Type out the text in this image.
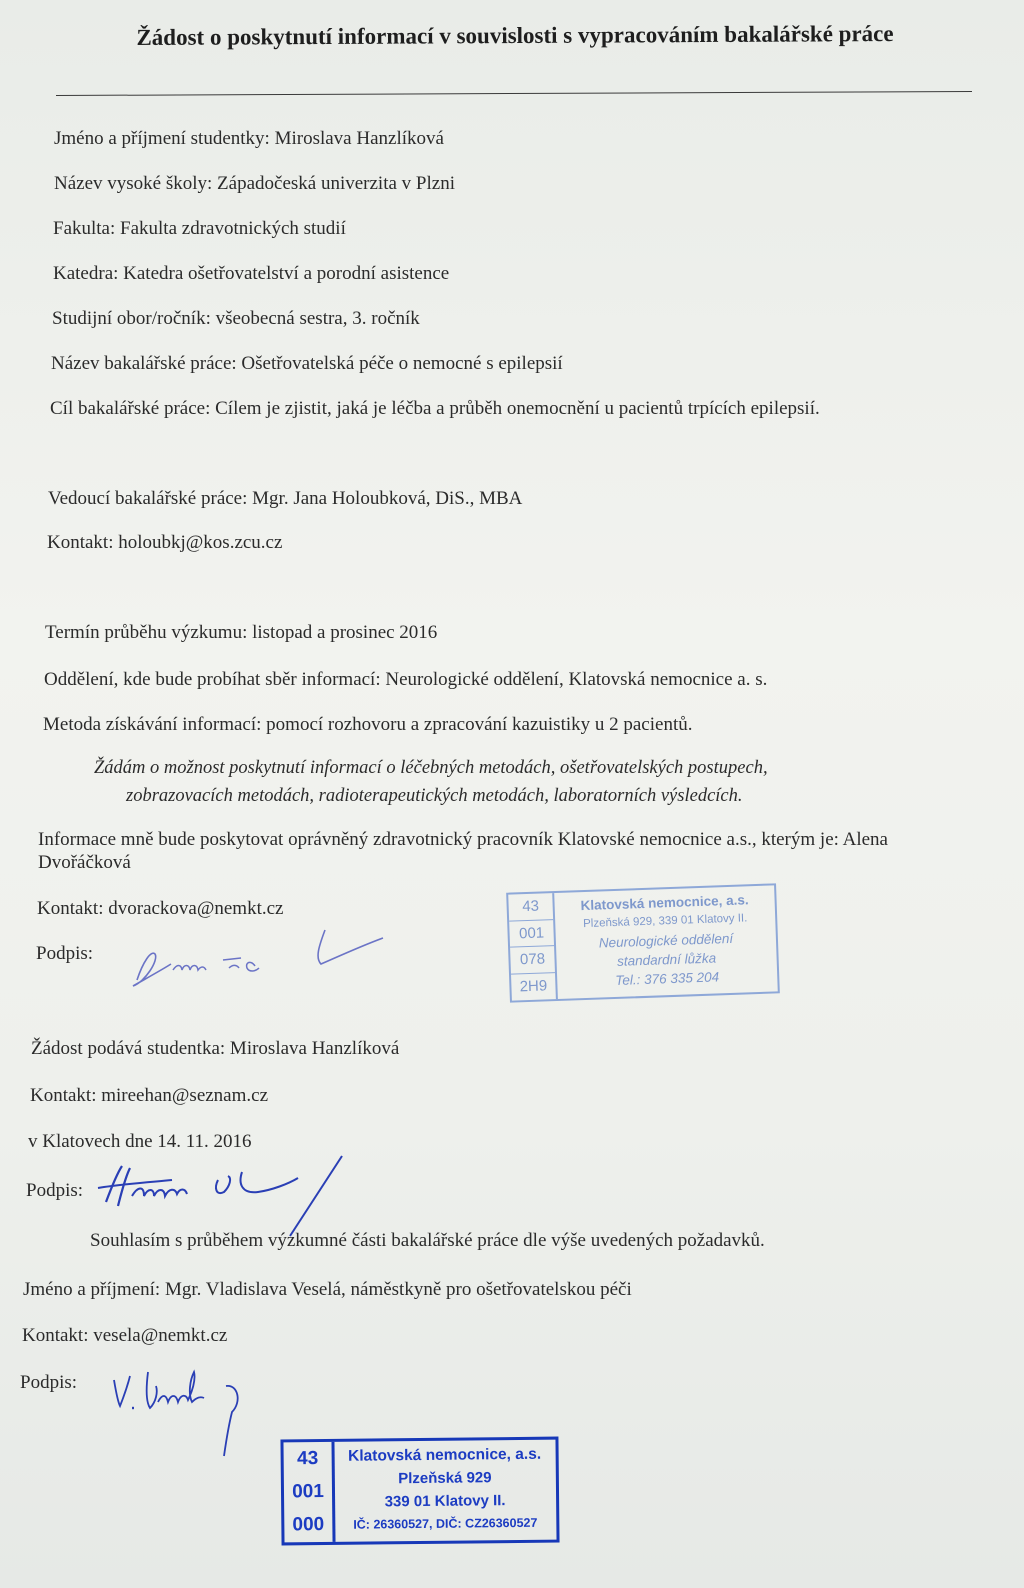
Žádost o poskytnutí informací v souvislosti s vypracováním bakalářské práce
Jméno a příjmení studentky: Miroslava Hanzlíková
Název vysoké školy: Západočeská univerzita v Plzni
Fakulta: Fakulta zdravotnických studií
Katedra: Katedra ošetřovatelství a porodní asistence
Studijní obor/ročník: všeobecná sestra, 3. ročník
Název bakalářské práce: Ošetřovatelská péče o nemocné s epilepsií
Cíl bakalářské práce: Cílem je zjistit, jaká je léčba a průběh onemocnění u pacientů trpících epilepsií.
Vedoucí bakalářské práce: Mgr. Jana Holoubková, DiS., MBA
Kontakt: holoubkj@kos.zcu.cz
Termín průběhu výzkumu: listopad a prosinec 2016
Oddělení, kde bude probíhat sběr informací: Neurologické oddělení, Klatovská nemocnice a. s.
Metoda získávání informací: pomocí rozhovoru a zpracování kazuistiky u 2 pacientů.
Žádám o možnost poskytnutí informací o léčebných metodách, ošetřovatelských postupech,
zobrazovacích metodách, radioterapeutických metodách, laboratorních výsledcích.
Informace mně bude poskytovat oprávněný zdravotnický pracovník Klatovské nemocnice a.s., kterým je: Alena Dvořáčková
Kontakt: dvorackova@nemkt.cz
Podpis:
43
001
078
2H9
Klatovská nemocnice, a.s.
Plzeňská 929, 339 01 Klatovy II.
Neurologické oddělení
standardní lůžka
Tel.: 376 335 204
Žádost podává studentka: Miroslava Hanzlíková
Kontakt: mireehan@seznam.cz
v Klatovech dne 14. 11. 2016
Podpis:
Souhlasím s průběhem výzkumné části bakalářské práce dle výše uvedených požadavků.
Jméno a příjmení: Mgr. Vladislava Veselá, náměstkyně pro ošetřovatelskou péči
Kontakt: vesela@nemkt.cz
Podpis:
43
001
000
Klatovská nemocnice, a.s.
Plzeňská 929
339 01 Klatovy II.
IČ: 26360527, DIČ: CZ26360527
